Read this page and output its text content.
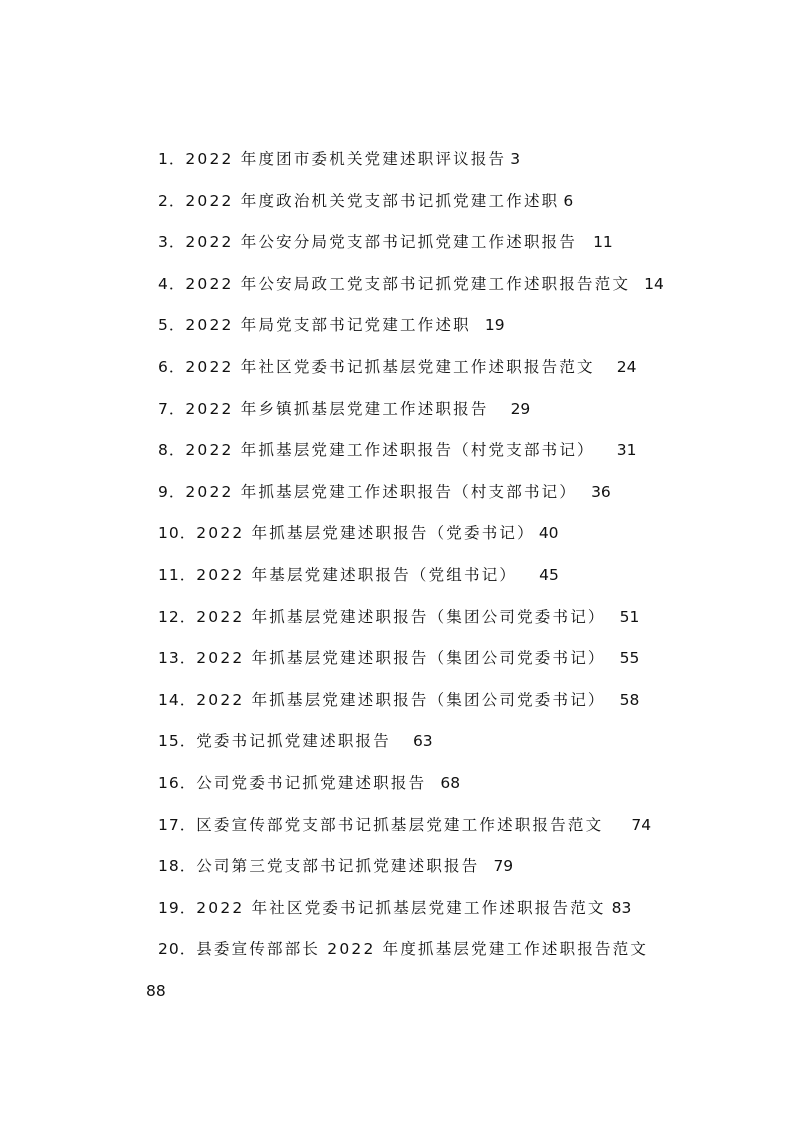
1． 2022 年度团市委机关党建述职评议报告 3
2． 2022 年度政治机关党支部书记抓党建工作述职 6
3． 2022 年公安分局党支部书记抓党建工作述职报告 11
4． 2022 年公安局政工党支部书记抓党建工作述职报告范文 14
5． 2022 年局党支部书记党建工作述职 19
6． 2022 年社区党委书记抓基层党建工作述职报告范文 24
7． 2022 年乡镇抓基层党建工作述职报告 29
8． 2022 年抓基层党建工作述职报告（村党支部书记） 31
9． 2022 年抓基层党建工作述职报告（村支部书记） 36
10． 2022 年抓基层党建述职报告（党委书记） 40
11． 2022 年基层党建述职报告（党组书记） 45
12． 2022 年抓基层党建述职报告（集团公司党委书记） 51
13． 2022 年抓基层党建述职报告（集团公司党委书记） 55
14． 2022 年抓基层党建述职报告（集团公司党委书记） 58
15． 党委书记抓党建述职报告 63
16． 公司党委书记抓党建述职报告 68
17． 区委宣传部党支部书记抓基层党建工作述职报告范文 74
18． 公司第三党支部书记抓党建述职报告 79
19． 2022 年社区党委书记抓基层党建工作述职报告范文 83
20． 县委宣传部部长 2022 年度抓基层党建工作述职报告范文
88
